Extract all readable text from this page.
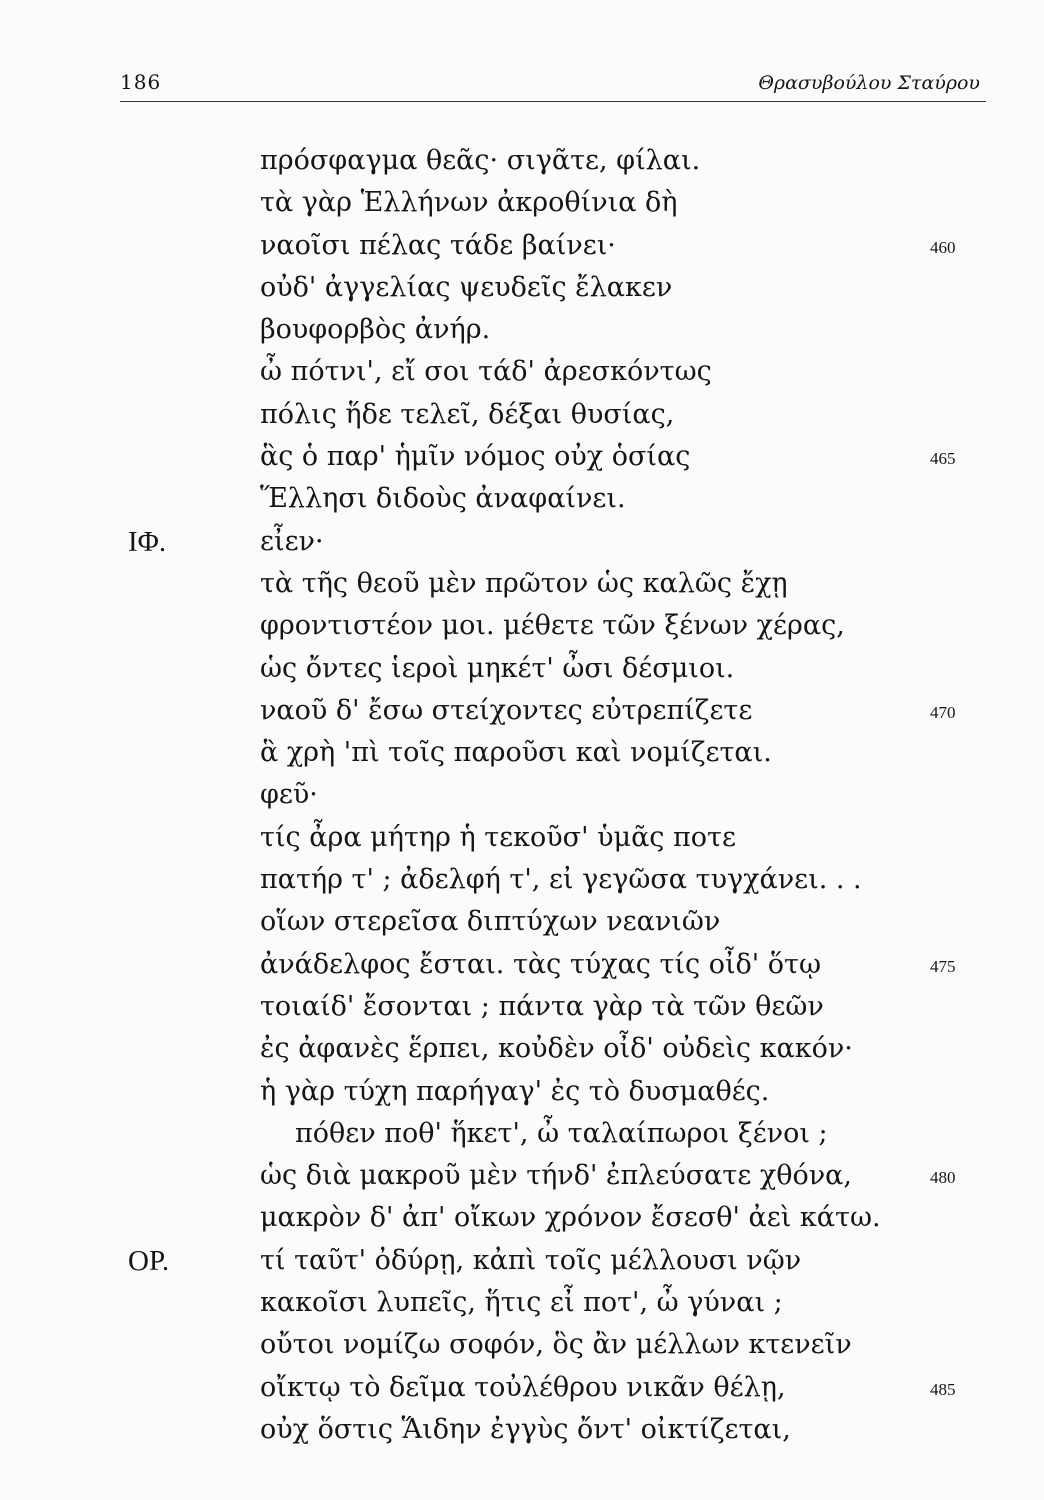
186	Θρασυβούλου Σταύρου
πρόσφαγμα θεᾶς· σιγᾶτε, φίλαι.
τὰ γὰρ Ἑλλήνων ἀκροθίνια δὴ
ναοῖσι πέλας τάδε βαίνει·	460
οὐδ' ἀγγελίας ψευδεῖς ἔλακεν
βουφορβὸς ἀνήρ.
ὦ πότνι', εἴ σοι τάδ' ἀρεσκόντως
πόλις ἥδε τελεῖ, δέξαι θυσίας,
ἃς ὁ παρ' ἡμῖν νόμος οὐχ ὁσίας	465
Ἕλλησι διδοὺς ἀναφαίνει.
ΙΦ.	εἶεν·
τὰ τῆς θεοῦ μὲν πρῶτον ὡς καλῶς ἔχῃ
φροντιστέον μοι. μέθετε τῶν ξένων χέρας,
ὡς ὄντες ἱεροὶ μηκέτ' ὦσι δέσμιοι.
ναοῦ δ' ἔσω στείχοντες εὐτρεπίζετε	470
ἃ χρὴ 'πὶ τοῖς παροῦσι καὶ νομίζεται.
φεῦ·
τίς ἆρα μήτηρ ἡ τεκοῦσ' ὑμᾶς ποτε
πατήρ τ' ; ἀδελφή τ', εἰ γεγῶσα τυγχάνει. . .
οἵων στερεῖσα διπτύχων νεανιῶν
ἀνάδελφος ἔσται. τὰς τύχας τίς οἶδ' ὅτῳ	475
τοιαίδ' ἔσονται ; πάντα γὰρ τὰ τῶν θεῶν
ἐς ἀφανὲς ἕρπει, κοὐδὲν οἶδ' οὐδεὶς κακόν·
ἡ γὰρ τύχη παρήγαγ' ἐς τὸ δυσμαθές.
πόθεν ποθ' ἥκετ', ὦ ταλαίπωροι ξένοι ;
ὡς διὰ μακροῦ μὲν τήνδ' ἐπλεύσατε χθόνα,	480
μακρὸν δ' ἀπ' οἴκων χρόνον ἔσεσθ' ἀεὶ κάτω.
ΟΡ.	τί ταῦτ' ὀδύρῃ, κἀπὶ τοῖς μέλλουσι νῷν
κακοῖσι λυπεῖς, ἥτις εἶ ποτ', ὦ γύναι ;
οὔτοι νομίζω σοφόν, ὃς ἂν μέλλων κτενεῖν
οἴκτῳ τὸ δεῖμα τοὐλέθρου νικᾶν θέλῃ,	485
οὐχ ὅστις Ἅιδην ἐγγὺς ὄντ' οἰκτίζεται,
